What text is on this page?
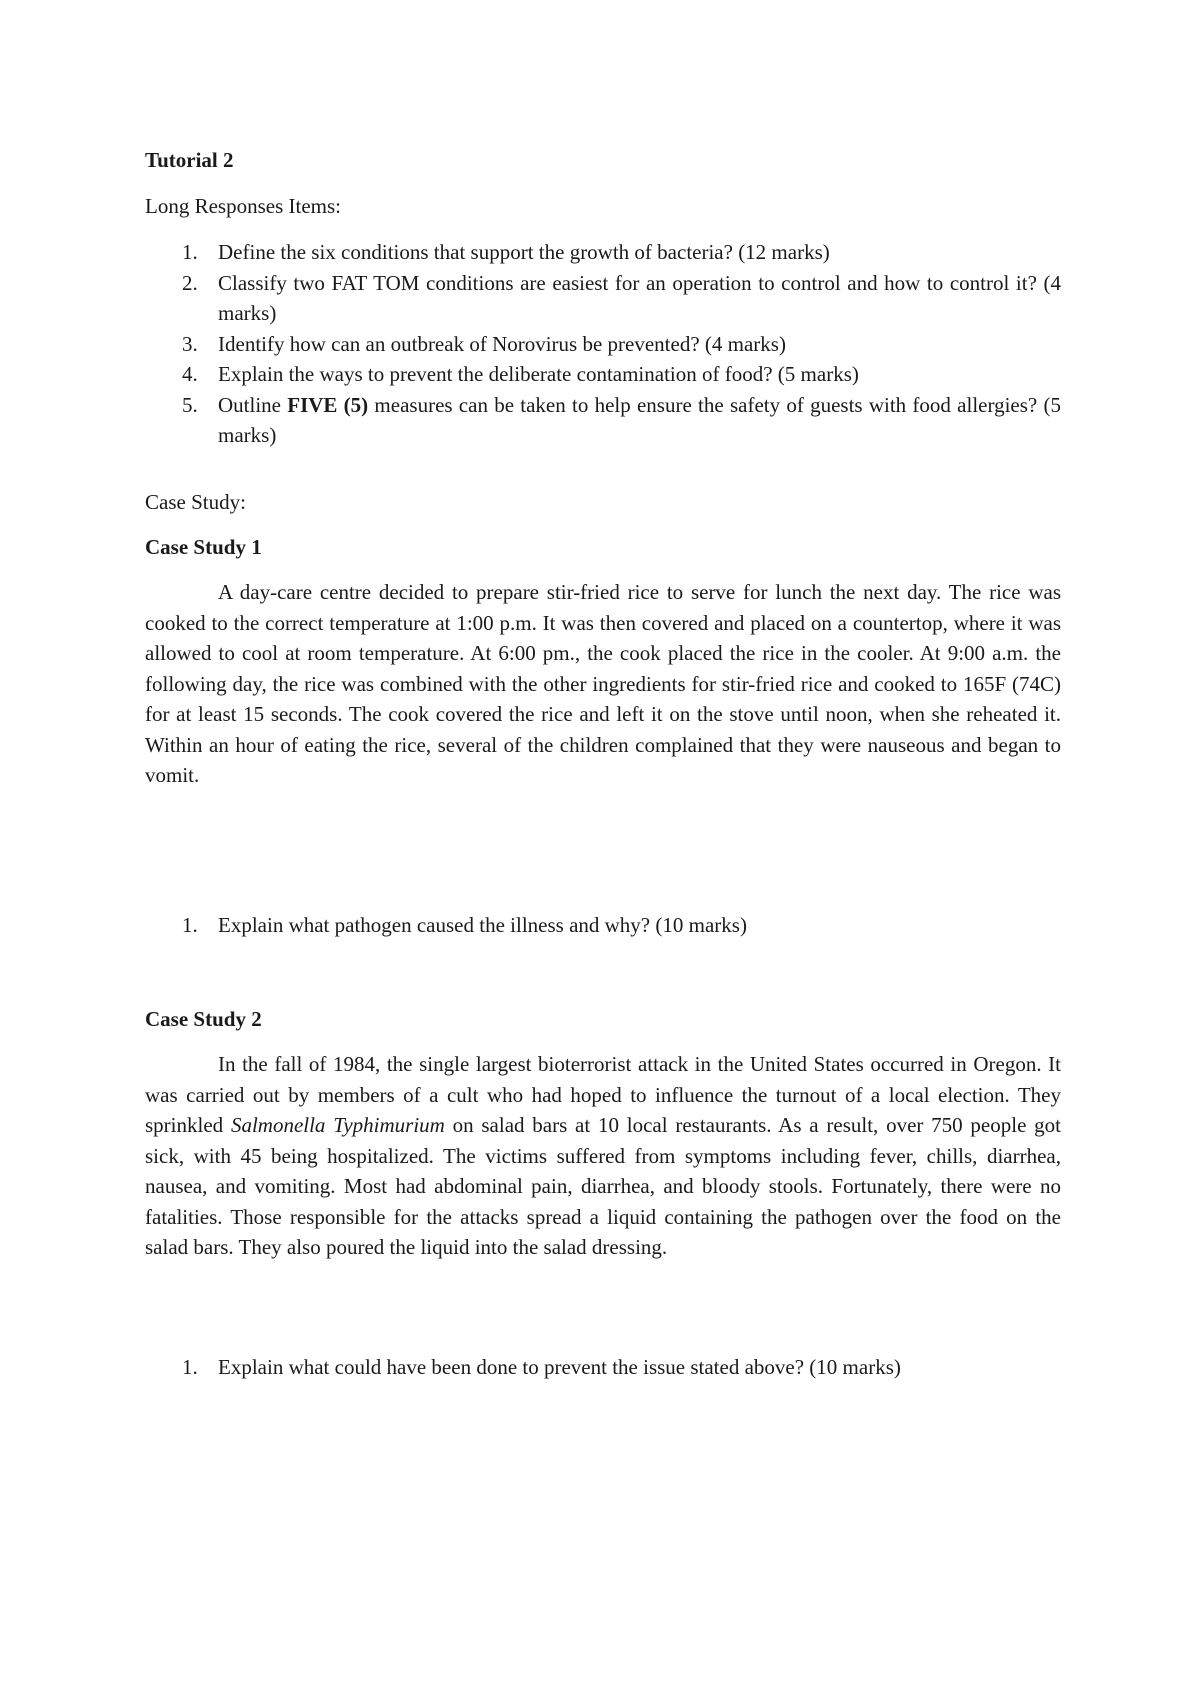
Tutorial 2
Long Responses Items:
1. Define the six conditions that support the growth of bacteria? (12 marks)
2. Classify two FAT TOM conditions are easiest for an operation to control and how to control it? (4 marks)
3. Identify how can an outbreak of Norovirus be prevented? (4 marks)
4. Explain the ways to prevent the deliberate contamination of food? (5 marks)
5. Outline FIVE (5) measures can be taken to help ensure the safety of guests with food allergies? (5 marks)
Case Study:
Case Study 1

A day-care centre decided to prepare stir-fried rice to serve for lunch the next day. The rice was cooked to the correct temperature at 1:00 p.m. It was then covered and placed on a countertop, where it was allowed to cool at room temperature. At 6:00 pm., the cook placed the rice in the cooler. At 9:00 a.m. the following day, the rice was combined with the other ingredients for stir-fried rice and cooked to 165F (74C) for at least 15 seconds. The cook covered the rice and left it on the stove until noon, when she reheated it. Within an hour of eating the rice, several of the children complained that they were nauseous and began to vomit.

1. Explain what pathogen caused the illness and why? (10 marks)
Case Study 2

In the fall of 1984, the single largest bioterrorist attack in the United States occurred in Oregon. It was carried out by members of a cult who had hoped to influence the turnout of a local election. They sprinkled Salmonella Typhimurium on salad bars at 10 local restaurants. As a result, over 750 people got sick, with 45 being hospitalized. The victims suffered from symptoms including fever, chills, diarrhea, nausea, and vomiting. Most had abdominal pain, diarrhea, and bloody stools. Fortunately, there were no fatalities. Those responsible for the attacks spread a liquid containing the pathogen over the food on the salad bars. They also poured the liquid into the salad dressing.

1. Explain what could have been done to prevent the issue stated above? (10 marks)
